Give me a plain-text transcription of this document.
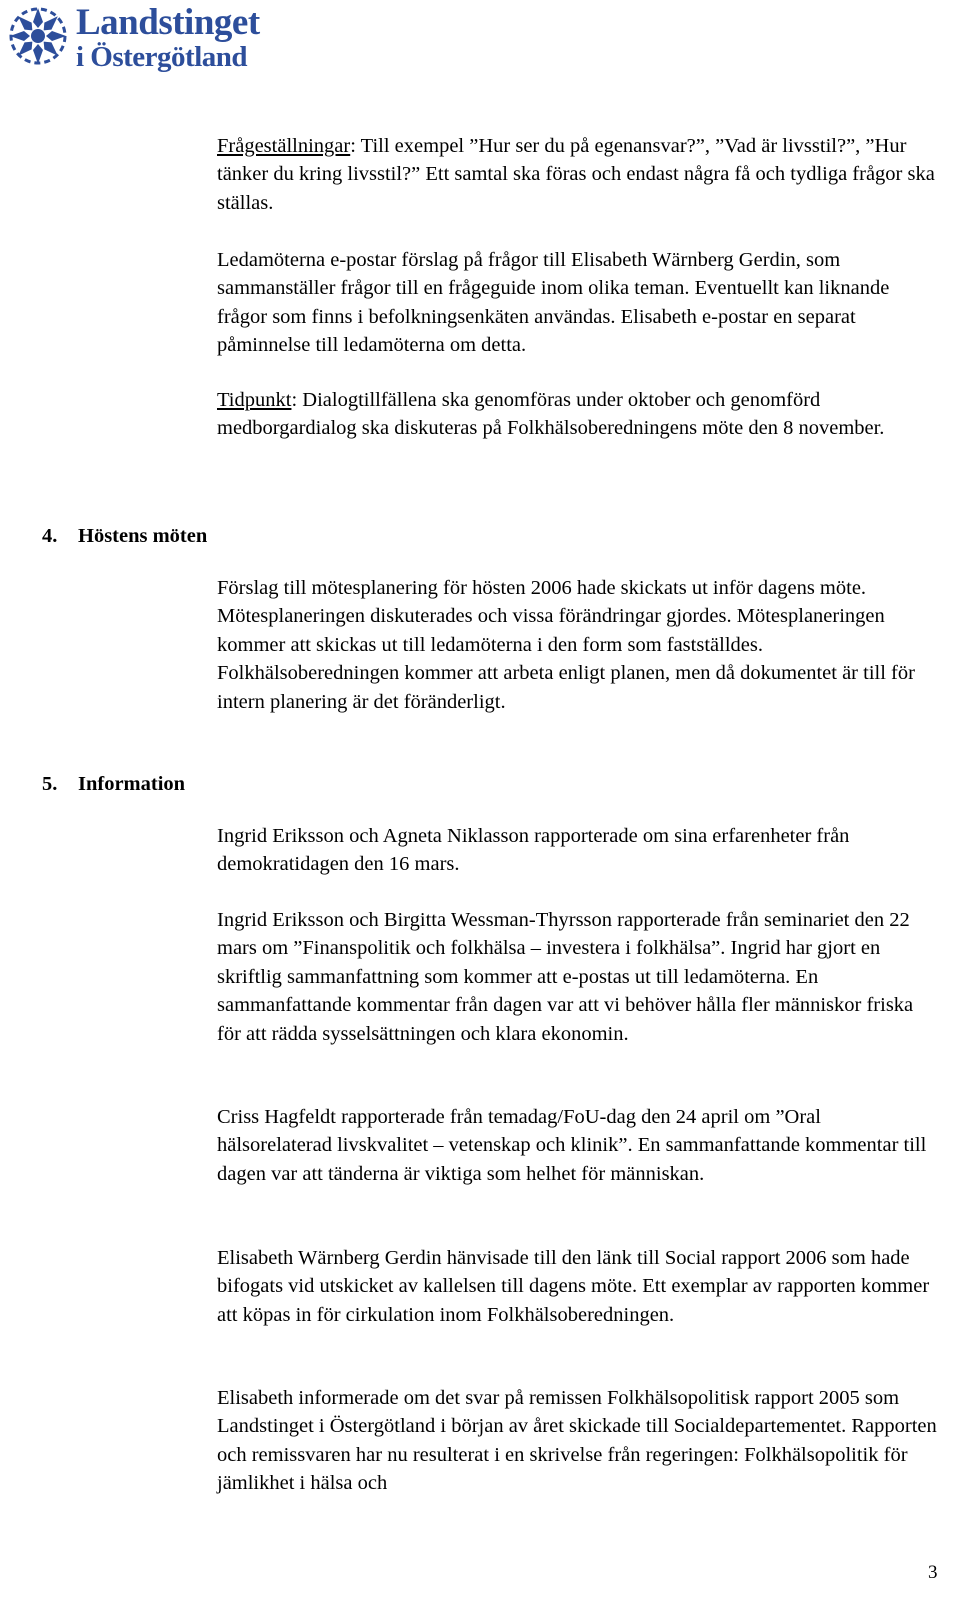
Landstinget
i Östergötland

Frågeställningar: Till exempel ”Hur ser du på egenansvar?”, ”Vad är livsstil?”, ”Hur tänker du kring livsstil?” Ett samtal ska föras och endast några få och tydliga frågor ska ställas.

Ledamöterna e-postar förslag på frågor till Elisabeth Wärnberg Gerdin, som sammanställer frågor till en frågeguide inom olika teman. Eventuellt kan liknande frågor som finns i befolkningsenkäten användas. Elisabeth e-postar en separat påminnelse till ledamöterna om detta.

Tidpunkt: Dialogtillfällena ska genomföras under oktober och genomförd medborgardialog ska diskuteras på Folkhälsoberedningens möte den 8 november.

4. Höstens möten

Förslag till mötesplanering för hösten 2006 hade skickats ut inför dagens möte. Mötesplaneringen diskuterades och vissa förändringar gjordes. Mötesplaneringen kommer att skickas ut till ledamöterna i den form som fastställdes. Folkhälsoberedningen kommer att arbeta enligt planen, men då dokumentet är till för intern planering är det föränderligt.

5. Information

Ingrid Eriksson och Agneta Niklasson rapporterade om sina erfarenheter från demokratidagen den 16 mars.

Ingrid Eriksson och Birgitta Wessman-Thyrsson rapporterade från seminariet den 22 mars om ”Finanspolitik och folkhälsa – investera i folkhälsa”. Ingrid har gjort en skriftlig sammanfattning som kommer att e-postas ut till ledamöterna. En sammanfattande kommentar från dagen var att vi behöver hålla fler människor friska för att rädda sysselsättningen och klara ekonomin.

Criss Hagfeldt rapporterade från temadag/FoU-dag den 24 april om ”Oral hälsorelaterad livskvalitet – vetenskap och klinik”. En sammanfattande kommentar till dagen var att tänderna är viktiga som helhet för människan.

Elisabeth Wärnberg Gerdin hänvisade till den länk till Social rapport 2006 som hade bifogats vid utskicket av kallelsen till dagens möte. Ett exemplar av rapporten kommer att köpas in för cirkulation inom Folkhälsoberedningen.

Elisabeth informerade om det svar på remissen Folkhälsopolitisk rapport 2005 som Landstinget i Östergötland i början av året skickade till Socialdepartementet. Rapporten och remissvaren har nu resulterat i en skrivelse från regeringen: Folkhälsopolitik för jämlikhet i hälsa och

3
